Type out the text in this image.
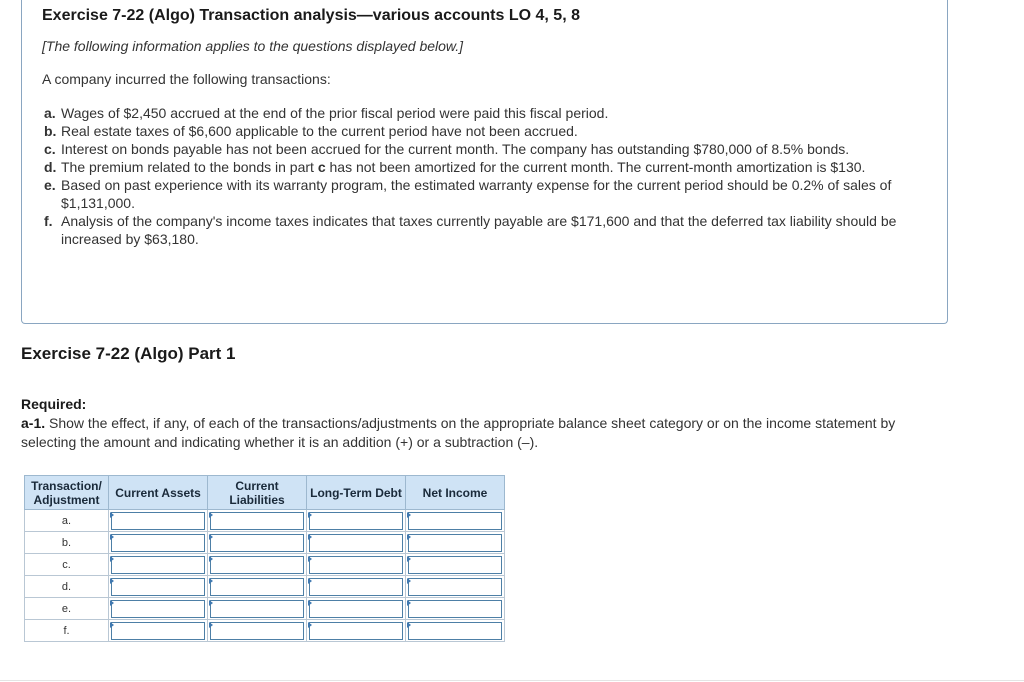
Exercise 7-22 (Algo) Transaction analysis—various accounts LO 4, 5, 8
[The following information applies to the questions displayed below.]
A company incurred the following transactions:
a. Wages of $2,450 accrued at the end of the prior fiscal period were paid this fiscal period.
b. Real estate taxes of $6,600 applicable to the current period have not been accrued.
c. Interest on bonds payable has not been accrued for the current month. The company has outstanding $780,000 of 8.5% bonds.
d. The premium related to the bonds in part c has not been amortized for the current month. The current-month amortization is $130.
e. Based on past experience with its warranty program, the estimated warranty expense for the current period should be 0.2% of sales of $1,131,000.
f. Analysis of the company's income taxes indicates that taxes currently payable are $171,600 and that the deferred tax liability should be increased by $63,180.
Exercise 7-22 (Algo) Part 1
Required:
a-1. Show the effect, if any, of each of the transactions/adjustments on the appropriate balance sheet category or on the income statement by selecting the amount and indicating whether it is an addition (+) or a subtraction (–).
Transaction/ Adjustment	Current Assets	Current Liabilities	Long-Term Debt	Net Income
a.	

b.	

c.	

d.	

e.	

f.	
